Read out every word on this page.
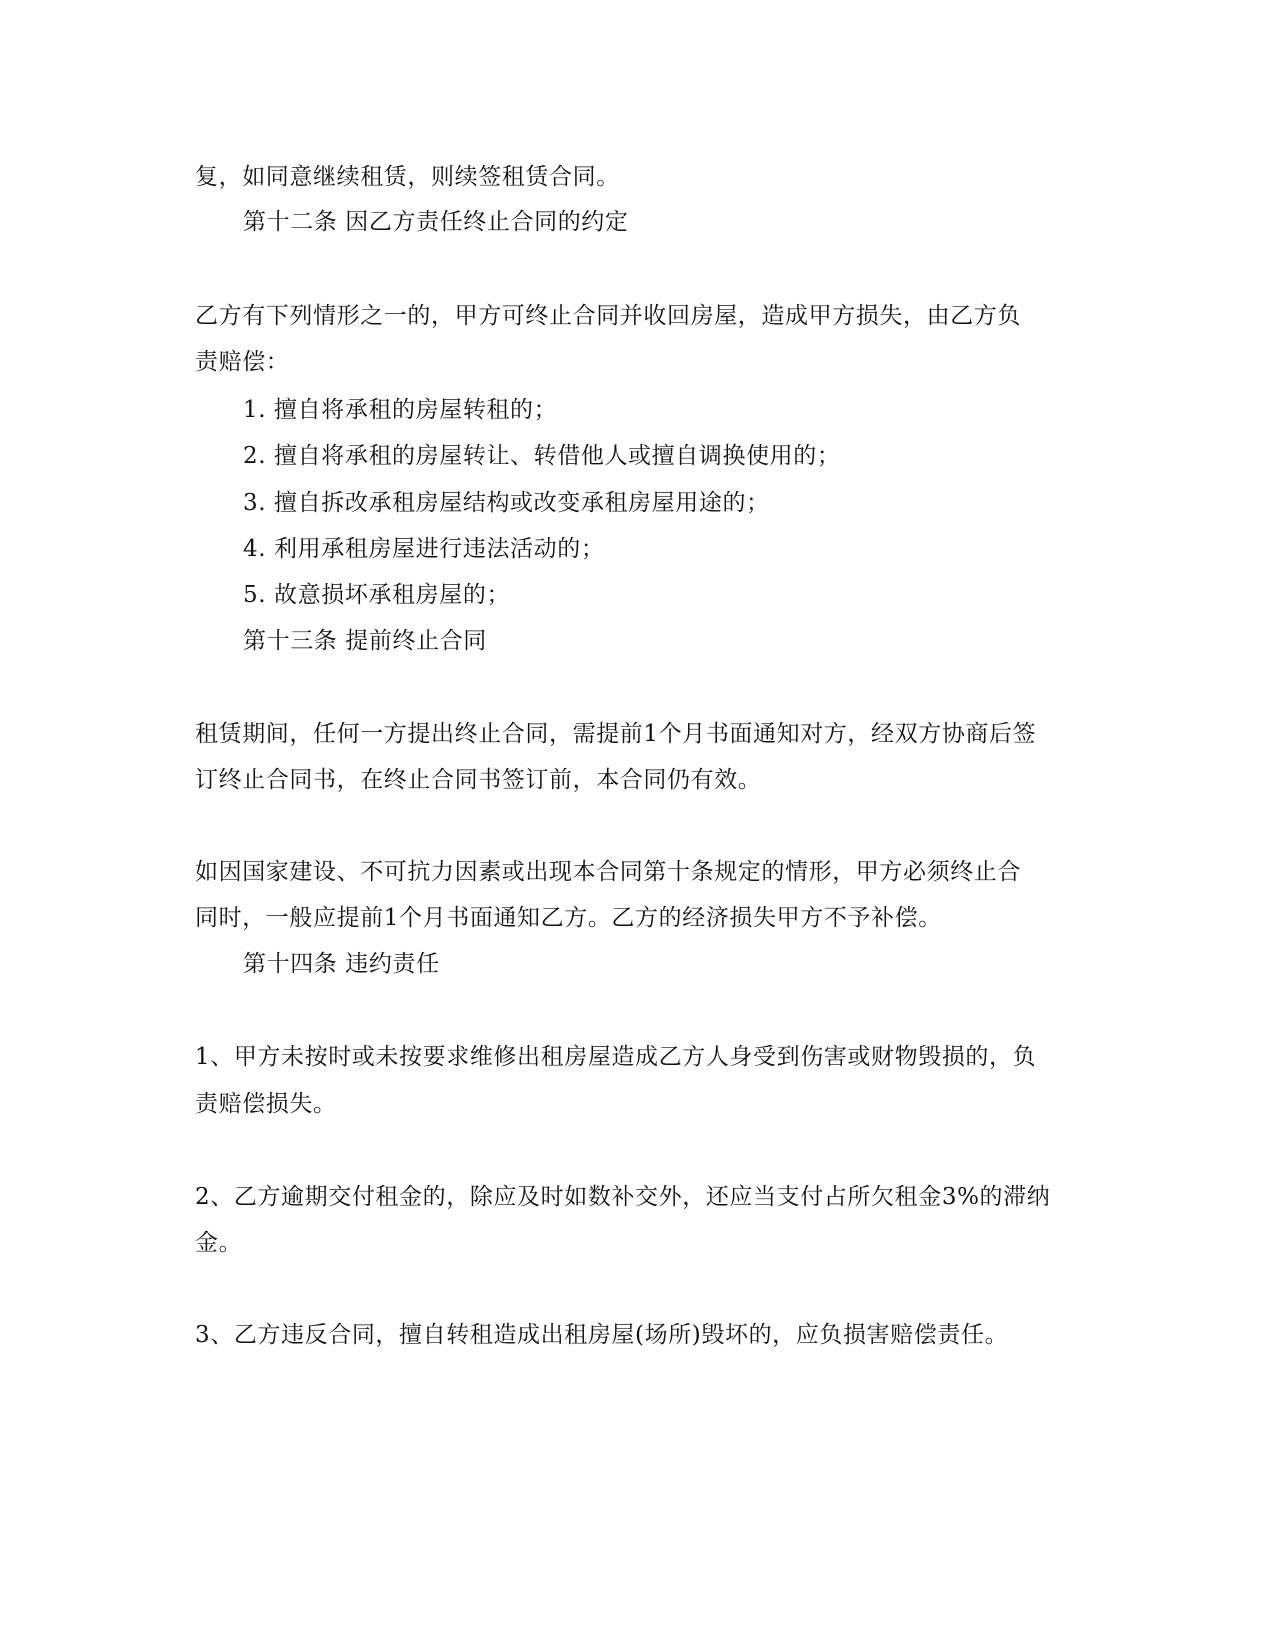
复，如同意继续租赁，则续签租赁合同。
第十二条 因乙方责任终止合同的约定
乙方有下列情形之一的，甲方可终止合同并收回房屋，造成甲方损失，由乙方负
责赔偿：
1. 擅自将承租的房屋转租的；
2. 擅自将承租的房屋转让、转借他人或擅自调换使用的；
3. 擅自拆改承租房屋结构或改变承租房屋用途的；
4. 利用承租房屋进行违法活动的；
5. 故意损坏承租房屋的；
第十三条 提前终止合同
租赁期间，任何一方提出终止合同，需提前1个月书面通知对方，经双方协商后签
订终止合同书，在终止合同书签订前，本合同仍有效。
如因国家建设、不可抗力因素或出现本合同第十条规定的情形，甲方必须终止合
同时，一般应提前1个月书面通知乙方。乙方的经济损失甲方不予补偿。
第十四条 违约责任
1、甲方未按时或未按要求维修出租房屋造成乙方人身受到伤害或财物毁损的，负
责赔偿损失。
2、乙方逾期交付租金的，除应及时如数补交外，还应当支付占所欠租金3%的滞纳
金。
3、乙方违反合同，擅自转租造成出租房屋(场所)毁坏的，应负损害赔偿责任。
